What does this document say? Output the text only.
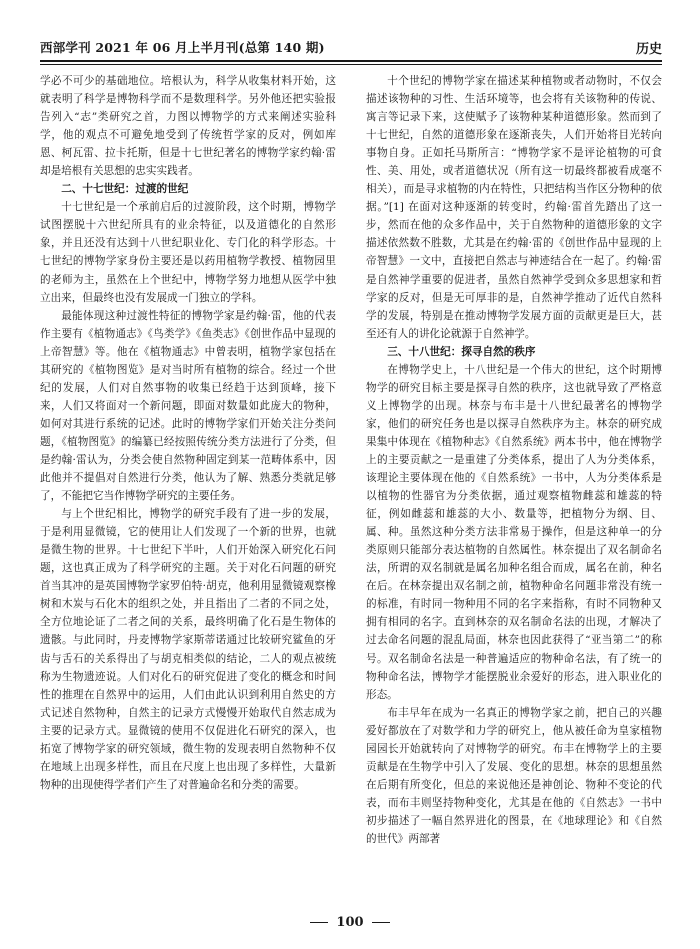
西部学刊 2021 年 06 月上半月刊(总第 140 期)	历史

学必不可少的基础地位。培根认为，科学从收集材料开始，这就表明了科学是博物科学而不是数理科学。另外他还把实验报告列入“志”类研究之首，力图以博物学的方式来阐述实验科学，他的观点不可避免地受到了传统哲学家的反对，例如库恩、柯瓦雷、拉卡托斯，但是十七世纪著名的博物学家约翰·雷却是培根有关思想的忠实实践者。

二、十七世纪：过渡的世纪

十七世纪是一个承前启后的过渡阶段，这个时期，博物学试图摆脱十六世纪所具有的业余特征，以及道德化的自然形象，并且还没有达到十八世纪职业化、专门化的科学形态。十七世纪的博物学家身份主要还是以药用植物学教授、植物园里的老师为主，虽然在上个世纪中，博物学努力地想从医学中独立出来，但最终也没有发展成一门独立的学科。

最能体现这种过渡性特征的博物学家是约翰·雷，他的代表作主要有《植物通志》《鸟类学》《鱼类志》《创世作品中显现的上帝智慧》等。他在《植物通志》中曾表明，植物学家包括在其研究的《植物图览》是对当时所有植物的综合。经过一个世纪的发展，人们对自然事物的收集已经趋于达到顶峰，接下来，人们又将面对一个新问题，即面对数量如此庞大的物种，如何对其进行系统的记述。此时的博物学家们开始关注分类问题，《植物图览》的编纂已经按照传统分类方法进行了分类，但是约翰·雷认为，分类会使自然物种固定到某一范畴体系中，因此他并不提倡对自然进行分类，他认为了解、熟悉分类就足够了，不能把它当作博物学研究的主要任务。

与上个世纪相比，博物学的研究手段有了进一步的发展，于是利用显微镜，它的使用让人们发现了一个新的世界，也就是微生物的世界。十七世纪下半叶，人们开始深入研究化石问题，这也真正成为了科学研究的主题。关于对化石问题的研究首当其冲的是英国博物学家罗伯特·胡克，他利用显微镜观察橡树和木炭与石化木的组织之处，并且指出了二者的不同之处，全方位地论证了二者之间的关系，最终明确了化石是生物体的遗骸。与此同时，丹麦博物学家斯蒂诺通过比较研究鲨鱼的牙齿与舌石的关系得出了与胡克相类似的结论，二人的观点被统称为生物遗迹说。人们对化石的研究促进了变化的概念和时间性的推理在自然界中的运用，人们由此认识到利用自然史的方式记述自然物种，自然主的记录方式慢慢开始取代自然志成为主要的记录方式。显微镜的使用不仅促进化石研究的深入，也拓宽了博物学家的研究领域，微生物的发现表明自然物种不仅在地域上出现多样性，而且在尺度上也出现了多样性，大量新物种的出现使得学者们产生了对普遍命名和分类的需要。

十个世纪的博物学家在描述某种植物或者动物时，不仅会描述该物种的习性、生活环境等，也会将有关该物种的传说、寓言等记录下来，这使赋予了该物种某种道德形象。然而到了十七世纪，自然的道德形象在逐渐丧失，人们开始将目光转向事物自身。正如托马斯所言：“博物学家不是评论植物的可食性、美、用处，或者道德状况（所有这一切最终都被看成毫不相关），而是寻求植物的内在特性，只把结构当作区分物种的依据。”[1] 在面对这种逐渐的转变时，约翰·雷首先踏出了这一步，然而在他的众多作品中，关于自然物种的道德形象的文字描述依然数不胜数，尤其是在约翰·雷的《创世作品中显现的上帝智慧》一文中，直接把自然志与神迹结合在一起了。约翰·雷是自然神学重要的促进者，虽然自然神学受到众多思想家和哲学家的反对，但是无可厚非的是，自然神学推动了近代自然科学的发展，特别是在推动博物学发展方面的贡献更是巨大，甚至还有人的讲化论就源于自然神学。

三、十八世纪：探寻自然的秩序

在博物学史上，十八世纪是一个伟大的世纪，这个时期博物学的研究目标主要是探寻自然的秩序，这也就导致了严格意义上博物学的出现。林奈与布丰是十八世纪最著名的博物学家，他们的研究任务也是以探寻自然秩序为主。林奈的研究成果集中体现在《植物种志》《自然系统》两本书中，他在博物学上的主要贡献之一是重建了分类体系，提出了人为分类体系，该理论主要体现在他的《自然系统》一书中，人为分类体系是以植物的性器官为分类依据，通过观察植物雌蕊和雄蕊的特征，例如雌蕊和雄蕊的大小、数量等，把植物分为纲、目、属、种。虽然这种分类方法非常易于操作，但是这种单一的分类原则只能部分表达植物的自然属性。林奈提出了双名制命名法，所谓的双名制就是属名加种名组合而成，属名在前，种名在后。在林奈提出双名制之前，植物种命名问题非常没有统一的标准，有时同一物种用不同的名字来指称，有时不同物种又拥有相同的名字。直到林奈的双名制命名法的出现，才解决了过去命名问题的混乱局面，林奈也因此获得了“亚当第二”的称号。双名制命名法是一种普遍适应的物种命名法，有了统一的物种命名法，博物学才能摆脱业余爱好的形态，进入职业化的形态。

布丰早年在成为一名真正的博物学家之前，把自己的兴趣爱好都放在了对数学和力学的研究上，他从被任命为皇家植物园园长开始就转向了对博物学的研究。布丰在博物学上的主要贡献是在生物学中引入了发展、变化的思想。林奈的思想虽然在后期有所变化，但总的来说他还是神创论、物种不变论的代表，而布丰则坚持物种变化，尤其是在他的《自然志》一书中初步描述了一幅自然界进化的图景，在《地球理论》和《自然的世代》两部著

100
